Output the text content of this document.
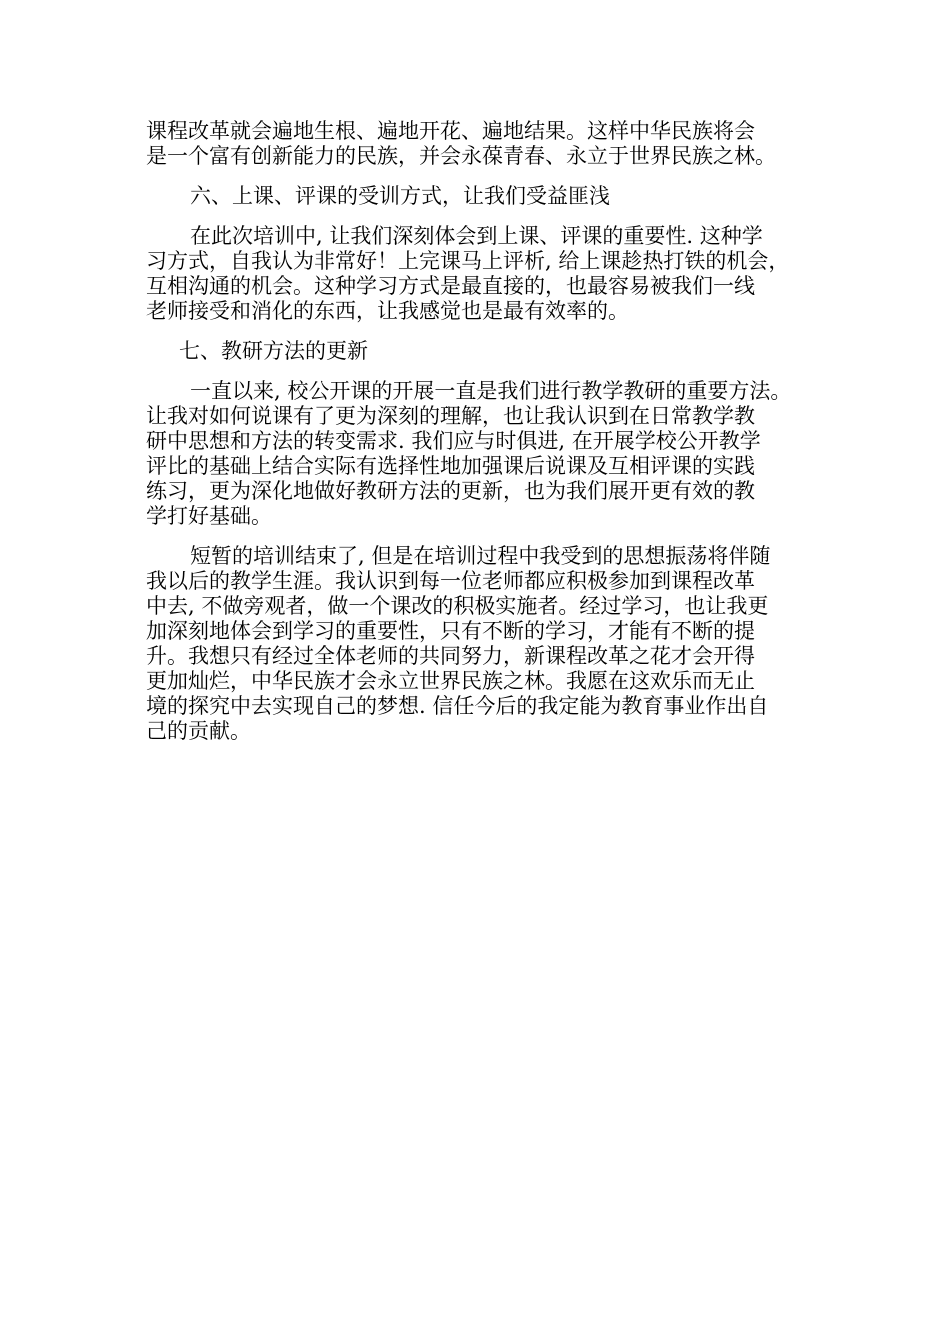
课程改革就会遍地生根、遍地开花、遍地结果。这样中华民族将会
是一个富有创新能力的民族，并会永葆青春、永立于世界民族之林。
六、上课、评课的受训方式，让我们受益匪浅
在此次培训中, 让我们深刻体会到上课、评课的重要性. 这种学
习方式，自我认为非常好！上完课马上评析, 给上课趁热打铁的机会，
互相沟通的机会。这种学习方式是最直接的，也最容易被我们一线
老师接受和消化的东西，让我感觉也是最有效率的。
七、教研方法的更新
一直以来, 校公开课的开展一直是我们进行教学教研的重要方法。
让我对如何说课有了更为深刻的理解，也让我认识到在日常教学教
研中思想和方法的转变需求. 我们应与时俱进, 在开展学校公开教学
评比的基础上结合实际有选择性地加强课后说课及互相评课的实践
练习，更为深化地做好教研方法的更新，也为我们展开更有效的教
学打好基础。
短暂的培训结束了, 但是在培训过程中我受到的思想振荡将伴随
我以后的教学生涯。我认识到每一位老师都应积极参加到课程改革
中去, 不做旁观者，做一个课改的积极实施者。经过学习，也让我更
加深刻地体会到学习的重要性，只有不断的学习，才能有不断的提
升。我想只有经过全体老师的共同努力，新课程改革之花才会开得
更加灿烂，中华民族才会永立世界民族之林。我愿在这欢乐而无止
境的探究中去实现自己的梦想. 信任今后的我定能为教育事业作出自
己的贡献。
